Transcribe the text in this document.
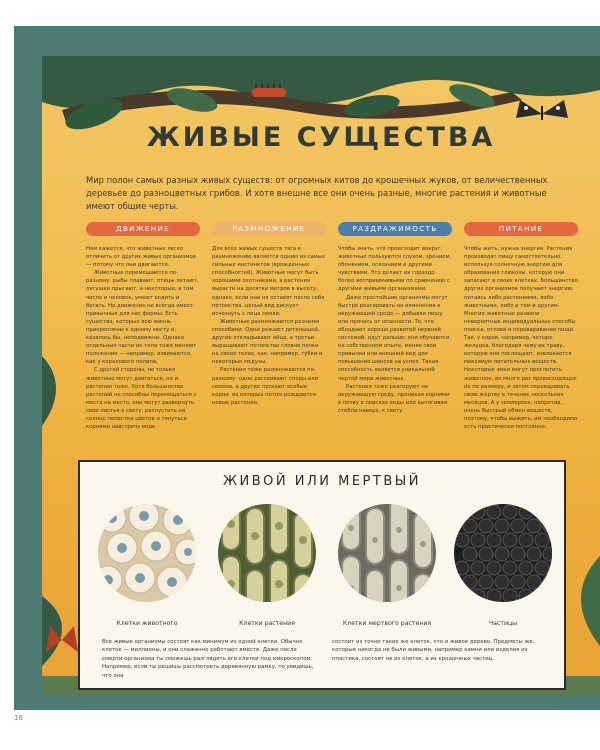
ЖИВЫЕ СУЩЕСТВА
Мир полон самых разных живых существ: от огромных китов до крошечных жуков, от величественных деревьев до разноцветных грибов. И хотя внешне все они очень разные, многие растения и животные имеют общие черты.
ДВИЖЕНИЕ

Нам кажется, что животных легко отличить от других живых организмов — потому что они двигаются.

Животные перемещаются по-разному: рыбы плавают, птицы летают, лягушки прыгают, а некоторые, в том числе и человек, умеют ходить и бегать. Но движение не всегда имеет привычные для нас формы. Есть существа, которые всю жизнь прикреплены к одному месту и, казалось бы, неподвижны. Однако отдельные части их тела тоже меняют положение — например, извиваются, как у коралового полипа.

С другой стороны, не только животные могут двигаться, но и растения тоже. Хотя большинство растений не способны перемещаться с места на место, они могут развернуть свои листья к свету, распустить на солнце лепестки цветов и тянуться корнями навстречу воде.

РАЗМНОЖЕНИЕ

Для всех живых существ тяга к размножению является одним из самых сильных инстинктов (врожденных способностей). Животные могут быть хорошими охотниками, а растения вырасти на десятки метров в высоту, однако, если они не оставят после себя потомства, целый вид рискует исчезнуть с лица земли.

Животные размножаются разными способами. Одни рожают детенышей, другие откладывают яйца, а третьи выращивают потомство словно почки на своих телах, как, например, губки и некоторые медузы.

Растения тоже размножаются по-разному: одни рассеивают споры или семена, а другие пускают особые корни, из которых потом рождаются новые растения.

РАЗДРАЖИМОСТЬ

Чтобы знать, что происходит вокруг, животные пользуются слухом, зрением, обонянием, осязанием и другими чувствами. Это делает их гораздо более восприимчивыми по сравнению с другими живыми организмами.

Даже простейшие организмы могут быстро реагировать на изменения в окружающей среде — добывая пищу или прячась от опасности. То, что обладают хорошо развитой нервной системой, идут дальше: они обучаются на собственном опыте, меняя свои привычки или внешний вид для повышения шансов на успех. Такая способность является уникальной чертой мира животных.

Растения тоже реагируют на окружающую среду, проникая корнями в почву в поисках воды или вытягивая стебли наверх, к свету.

ПИТАНИЕ

Чтобы жить, нужна энергия. Растения производят пищу самостоятельно, используя солнечную энергию для образования глюкозы, которую они запасают в своих клетках. Большинство других организмов получают энергию, питаясь либо растениями, либо животными, либо и тем и другим. Многие животные развили невероятные индивидуальные способы поиска, отлова и переваривания пищи. Так, у коров, например, четыре желудка, благодаря чему их траву, которую они поглощают, извлекается максимум питательных веществ. Некоторые змеи могут проглотить животное, во много раз превосходящее их по размеру, и затем переваривать свою жертву в течение нескольких месяцев. А у землероек, напротив, очень быстрый обмен веществ, поэтому, чтобы выжить, им необходимо есть практически постоянно.

ЖИВОЙ ИЛИ МЕРТВЫЙ
Клетки животного	Клетки растения	Клетки мертвого растения	Частицы
Все живые организмы состоят как минимум из одной клетки. Обычно клеток — миллионы, и они слаженно работают вместе. Даже после смерти организма ты сможешь разглядеть его клетки под микроскопом. Например, если ты решишь рассмотреть деревянную рамку, то увидишь, что она
состоит из точно таких же клеток, что и живое дерево. Предметы же, которые никогда не были живыми, например камни или изделия из пластика, состоят не из клеток, а из крошечных частиц.
16
